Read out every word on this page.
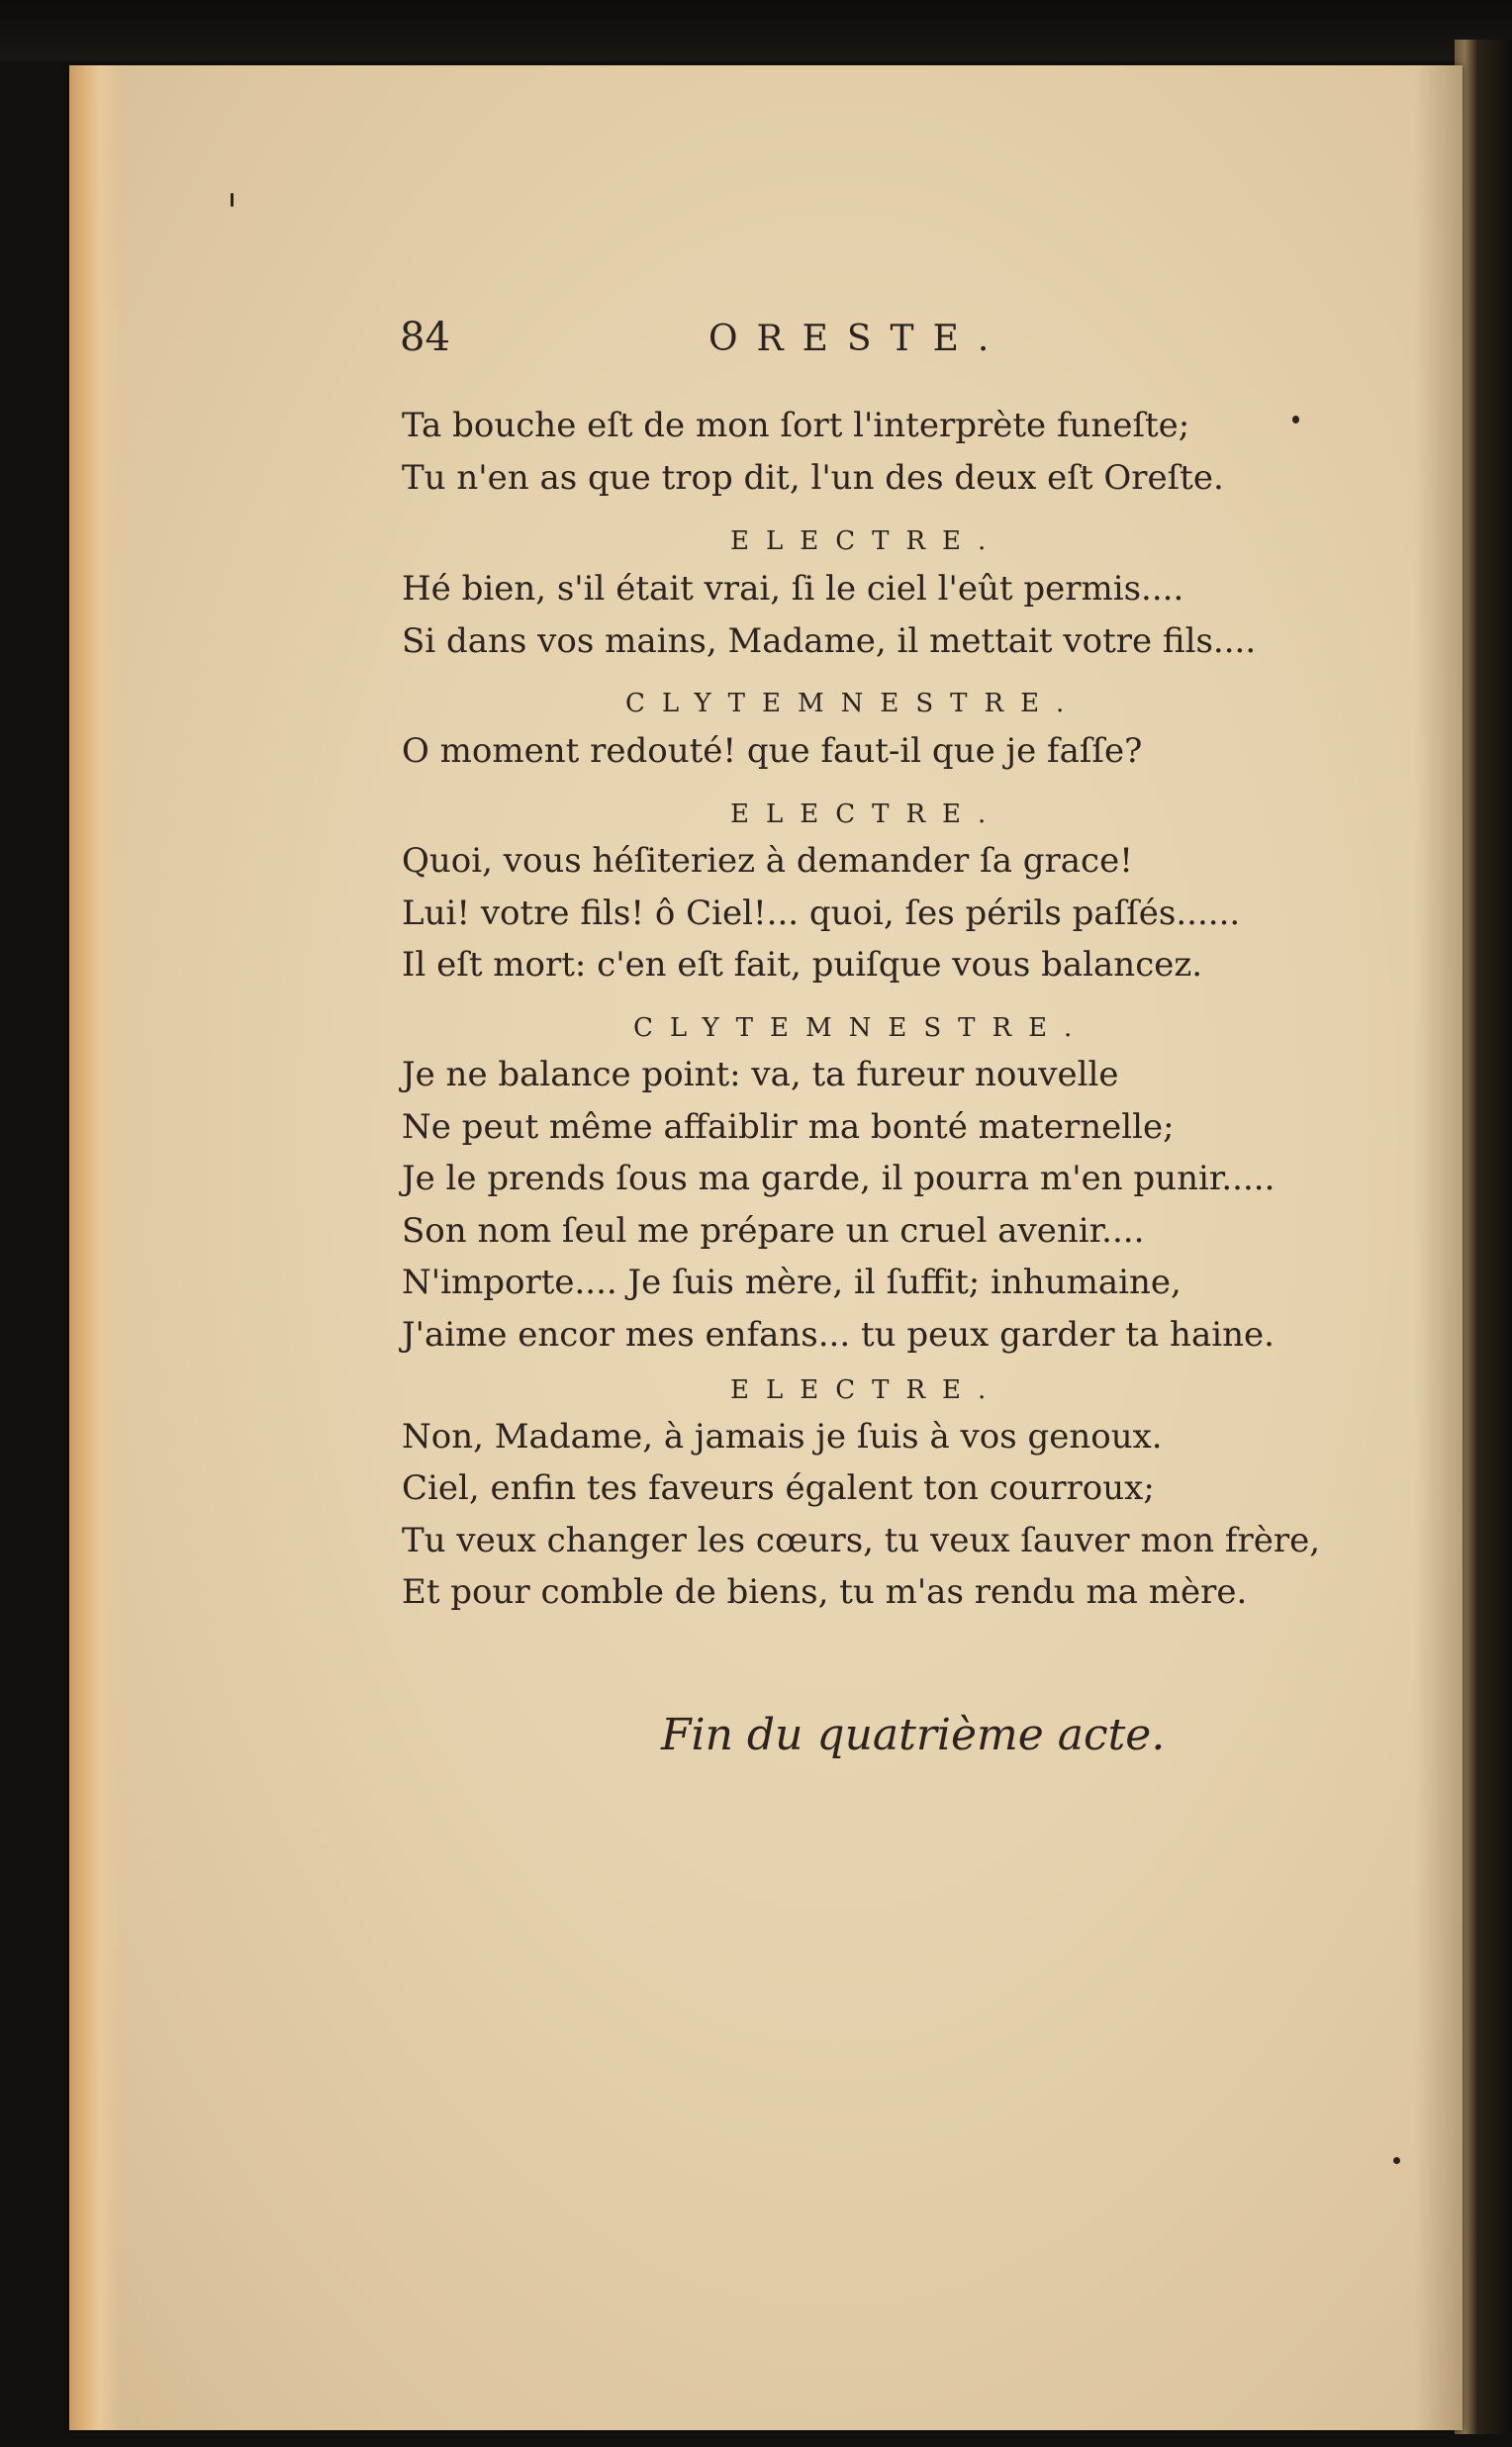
84	ORESTE.

Ta bouche eſt de mon ſort l'interprète funeſte;

Tu n'en as que trop dit, l'un des deux eſt Oreſte.

ELECTRE.

Hé bien, s'il était vrai, ſi le ciel l'eût permis....

Si dans vos mains, Madame, il mettait votre fils....

CLYTEMNESTRE.

O moment redouté! que faut-il que je faſſe?

ELECTRE.

Quoi, vous héſiteriez à demander ſa grace!

Lui! votre fils! ô Ciel!... quoi, ſes périls paſſés......

Il eſt mort: c'en eſt fait, puiſque vous balancez.

CLYTEMNESTRE.

Je ne balance point: va, ta fureur nouvelle

Ne peut même affaiblir ma bonté maternelle;

Je le prends ſous ma garde, il pourra m'en punir.....

Son nom ſeul me prépare un cruel avenir....

N'importe.... Je ſuis mère, il ſuffit; inhumaine,

J'aime encor mes enfans... tu peux garder ta haine.

ELECTRE.

Non, Madame, à jamais je ſuis à vos genoux.

Ciel, enfin tes faveurs égalent ton courroux;

Tu veux changer les cœurs, tu veux ſauver mon frère,

Et pour comble de biens, tu m'as rendu ma mère.

Fin du quatrième acte.
